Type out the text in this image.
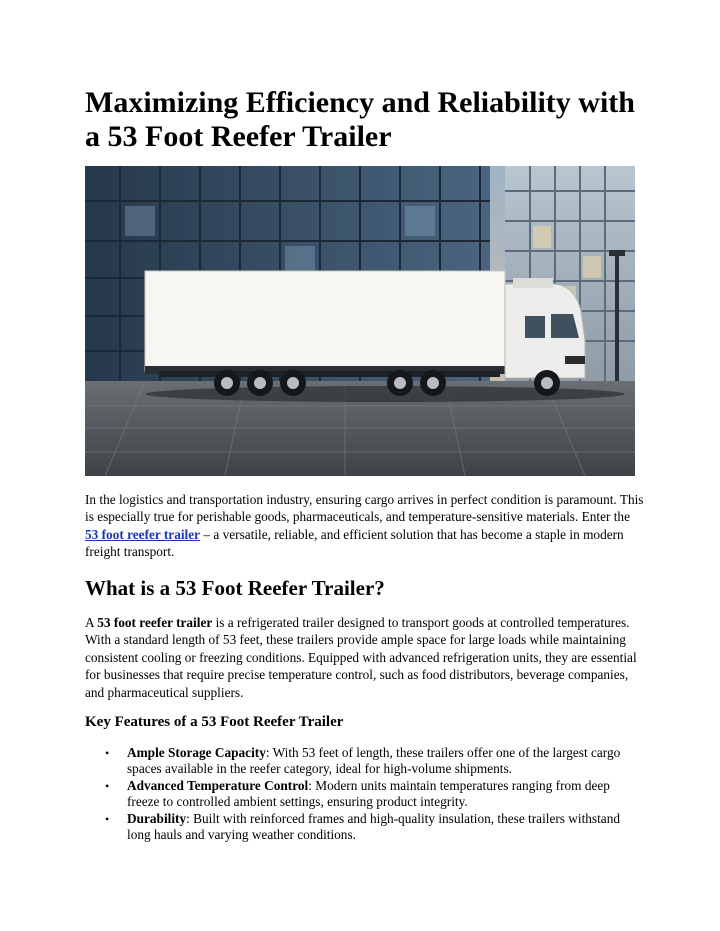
Maximizing Efficiency and Reliability with a 53 Foot Reefer Trailer

In the logistics and transportation industry, ensuring cargo arrives in perfect condition is paramount. This is especially true for perishable goods, pharmaceuticals, and temperature-sensitive materials. Enter the 53 foot reefer trailer – a versatile, reliable, and efficient solution that has become a staple in modern freight transport.

What is a 53 Foot Reefer Trailer?

A 53 foot reefer trailer is a refrigerated trailer designed to transport goods at controlled temperatures. With a standard length of 53 feet, these trailers provide ample space for large loads while maintaining consistent cooling or freezing conditions. Equipped with advanced refrigeration units, they are essential for businesses that require precise temperature control, such as food distributors, beverage companies, and pharmaceutical suppliers.

Key Features of a 53 Foot Reefer Trailer
• Ample Storage Capacity: With 53 feet of length, these trailers offer one of the largest cargo spaces available in the reefer category, ideal for high-volume shipments.
• Advanced Temperature Control: Modern units maintain temperatures ranging from deep freeze to controlled ambient settings, ensuring product integrity.
• Durability: Built with reinforced frames and high-quality insulation, these trailers withstand long hauls and varying weather conditions.
